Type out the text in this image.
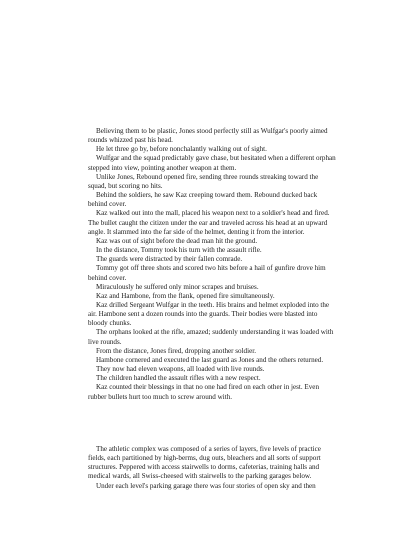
Believing them to be plastic, Jones stood perfectly still as Wulfgar's poorly aimed rounds whizzed past his head.

He let three go by, before nonchalantly walking out of sight.

Wulfgar and the squad predictably gave chase, but hesitated when a different orphan stepped into view, pointing another weapon at them.

Unlike Jones, Rebound opened fire, sending three rounds streaking toward the squad, but scoring no hits.

Behind the soldiers, he saw Kaz creeping toward them. Rebound ducked back behind cover.

Kaz walked out into the mall, placed his weapon next to a soldier's head and fired. The bullet caught the citizen under the ear and traveled across his head at an upward angle. It slammed into the far side of the helmet, denting it from the interior.

Kaz was out of sight before the dead man hit the ground.

In the distance, Tommy took his turn with the assault rifle.

The guards were distracted by their fallen comrade.

Tommy got off three shots and scored two hits before a hail of gunfire drove him behind cover.

Miraculously he suffered only minor scrapes and bruises.

Kaz and Hambone, from the flank, opened fire simultaneously.

Kaz drilled Sergeant Wulfgar in the teeth. His brains and helmet exploded into the air. Hambone sent a dozen rounds into the guards. Their bodies were blasted into bloody chunks.

The orphans looked at the rifle, amazed; suddenly understanding it was loaded with live rounds.

From the distance, Jones fired, dropping another soldier.

Hambone cornered and executed the last guard as Jones and the others returned.

They now had eleven weapons, all loaded with live rounds.

The children handled the assault rifles with a new respect.

Kaz counted their blessings in that no one had fired on each other in jest. Even rubber bullets hurt too much to screw around with.

The athletic complex was composed of a series of layers, five levels of practice fields, each partitioned by high-berms, dug outs, bleachers and all sorts of support structures. Peppered with access stairwells to dorms, cafeterias, training halls and medical wards, all Swiss-cheesed with stairwells to the parking garages below.

Under each level's parking garage there was four stories of open sky and then
